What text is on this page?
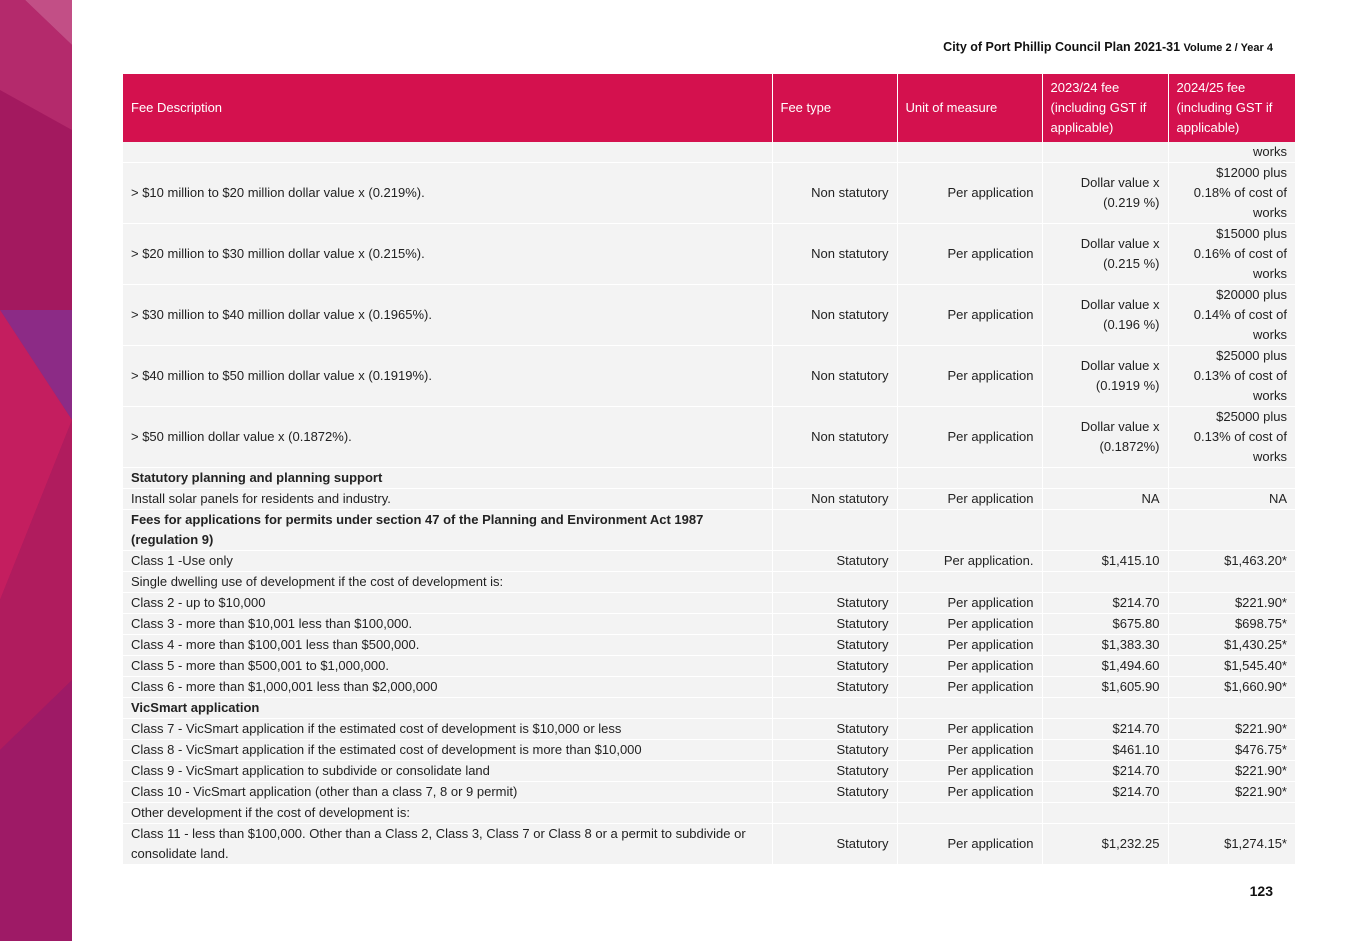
City of Port Phillip Council Plan 2021-31 Volume 2 / Year 4
Fee Description	Fee type	Unit of measure	2023/24 fee (including GST if applicable)	2024/25 fee (including GST if applicable)
				works
> $10 million to $20 million dollar value x (0.219%).	Non statutory	Per application	Dollar value x (0.219 %)	$12000 plus 0.18% of cost of works
> $20 million to $30 million dollar value x (0.215%).	Non statutory	Per application	Dollar value x (0.215 %)	$15000 plus 0.16% of cost of works
> $30 million to $40 million dollar value x (0.1965%).	Non statutory	Per application	Dollar value x (0.196 %)	$20000 plus 0.14% of cost of works
> $40 million to $50 million dollar value x (0.1919%).	Non statutory	Per application	Dollar value x (0.1919 %)	$25000 plus 0.13% of cost of works
> $50 million dollar value x (0.1872%).	Non statutory	Per application	Dollar value x (0.1872%)	$25000 plus 0.13% of cost of works
Statutory planning and planning support				
Install solar panels for residents and industry.	Non statutory	Per application	NA	NA
Fees for applications for permits under section 47 of the Planning and Environment Act 1987 (regulation 9)				
Class 1 -Use only	Statutory	Per application.	$1,415.10	$1,463.20*
Single dwelling use of development if the cost of development is:				
Class 2 - up to $10,000	Statutory	Per application	$214.70	$221.90*
Class 3 - more than $10,001 less than $100,000.	Statutory	Per application	$675.80	$698.75*
Class 4 - more than $100,001 less than $500,000.	Statutory	Per application	$1,383.30	$1,430.25*
Class 5 - more than $500,001 to $1,000,000.	Statutory	Per application	$1,494.60	$1,545.40*
Class 6 - more than $1,000,001 less than $2,000,000	Statutory	Per application	$1,605.90	$1,660.90*
VicSmart application				
Class 7 - VicSmart application if the estimated cost of development is $10,000 or less	Statutory	Per application	$214.70	$221.90*
Class 8 - VicSmart application if the estimated cost of development is more than $10,000	Statutory	Per application	$461.10	$476.75*
Class 9 - VicSmart application to subdivide or consolidate land	Statutory	Per application	$214.70	$221.90*
Class 10 - VicSmart application (other than a class 7, 8 or 9 permit)	Statutory	Per application	$214.70	$221.90*
Other development if the cost of development is:				
Class 11 - less than $100,000. Other than a Class 2, Class 3, Class 7 or Class 8 or a permit to subdivide or consolidate land.	Statutory	Per application	$1,232.25	$1,274.15*
123
